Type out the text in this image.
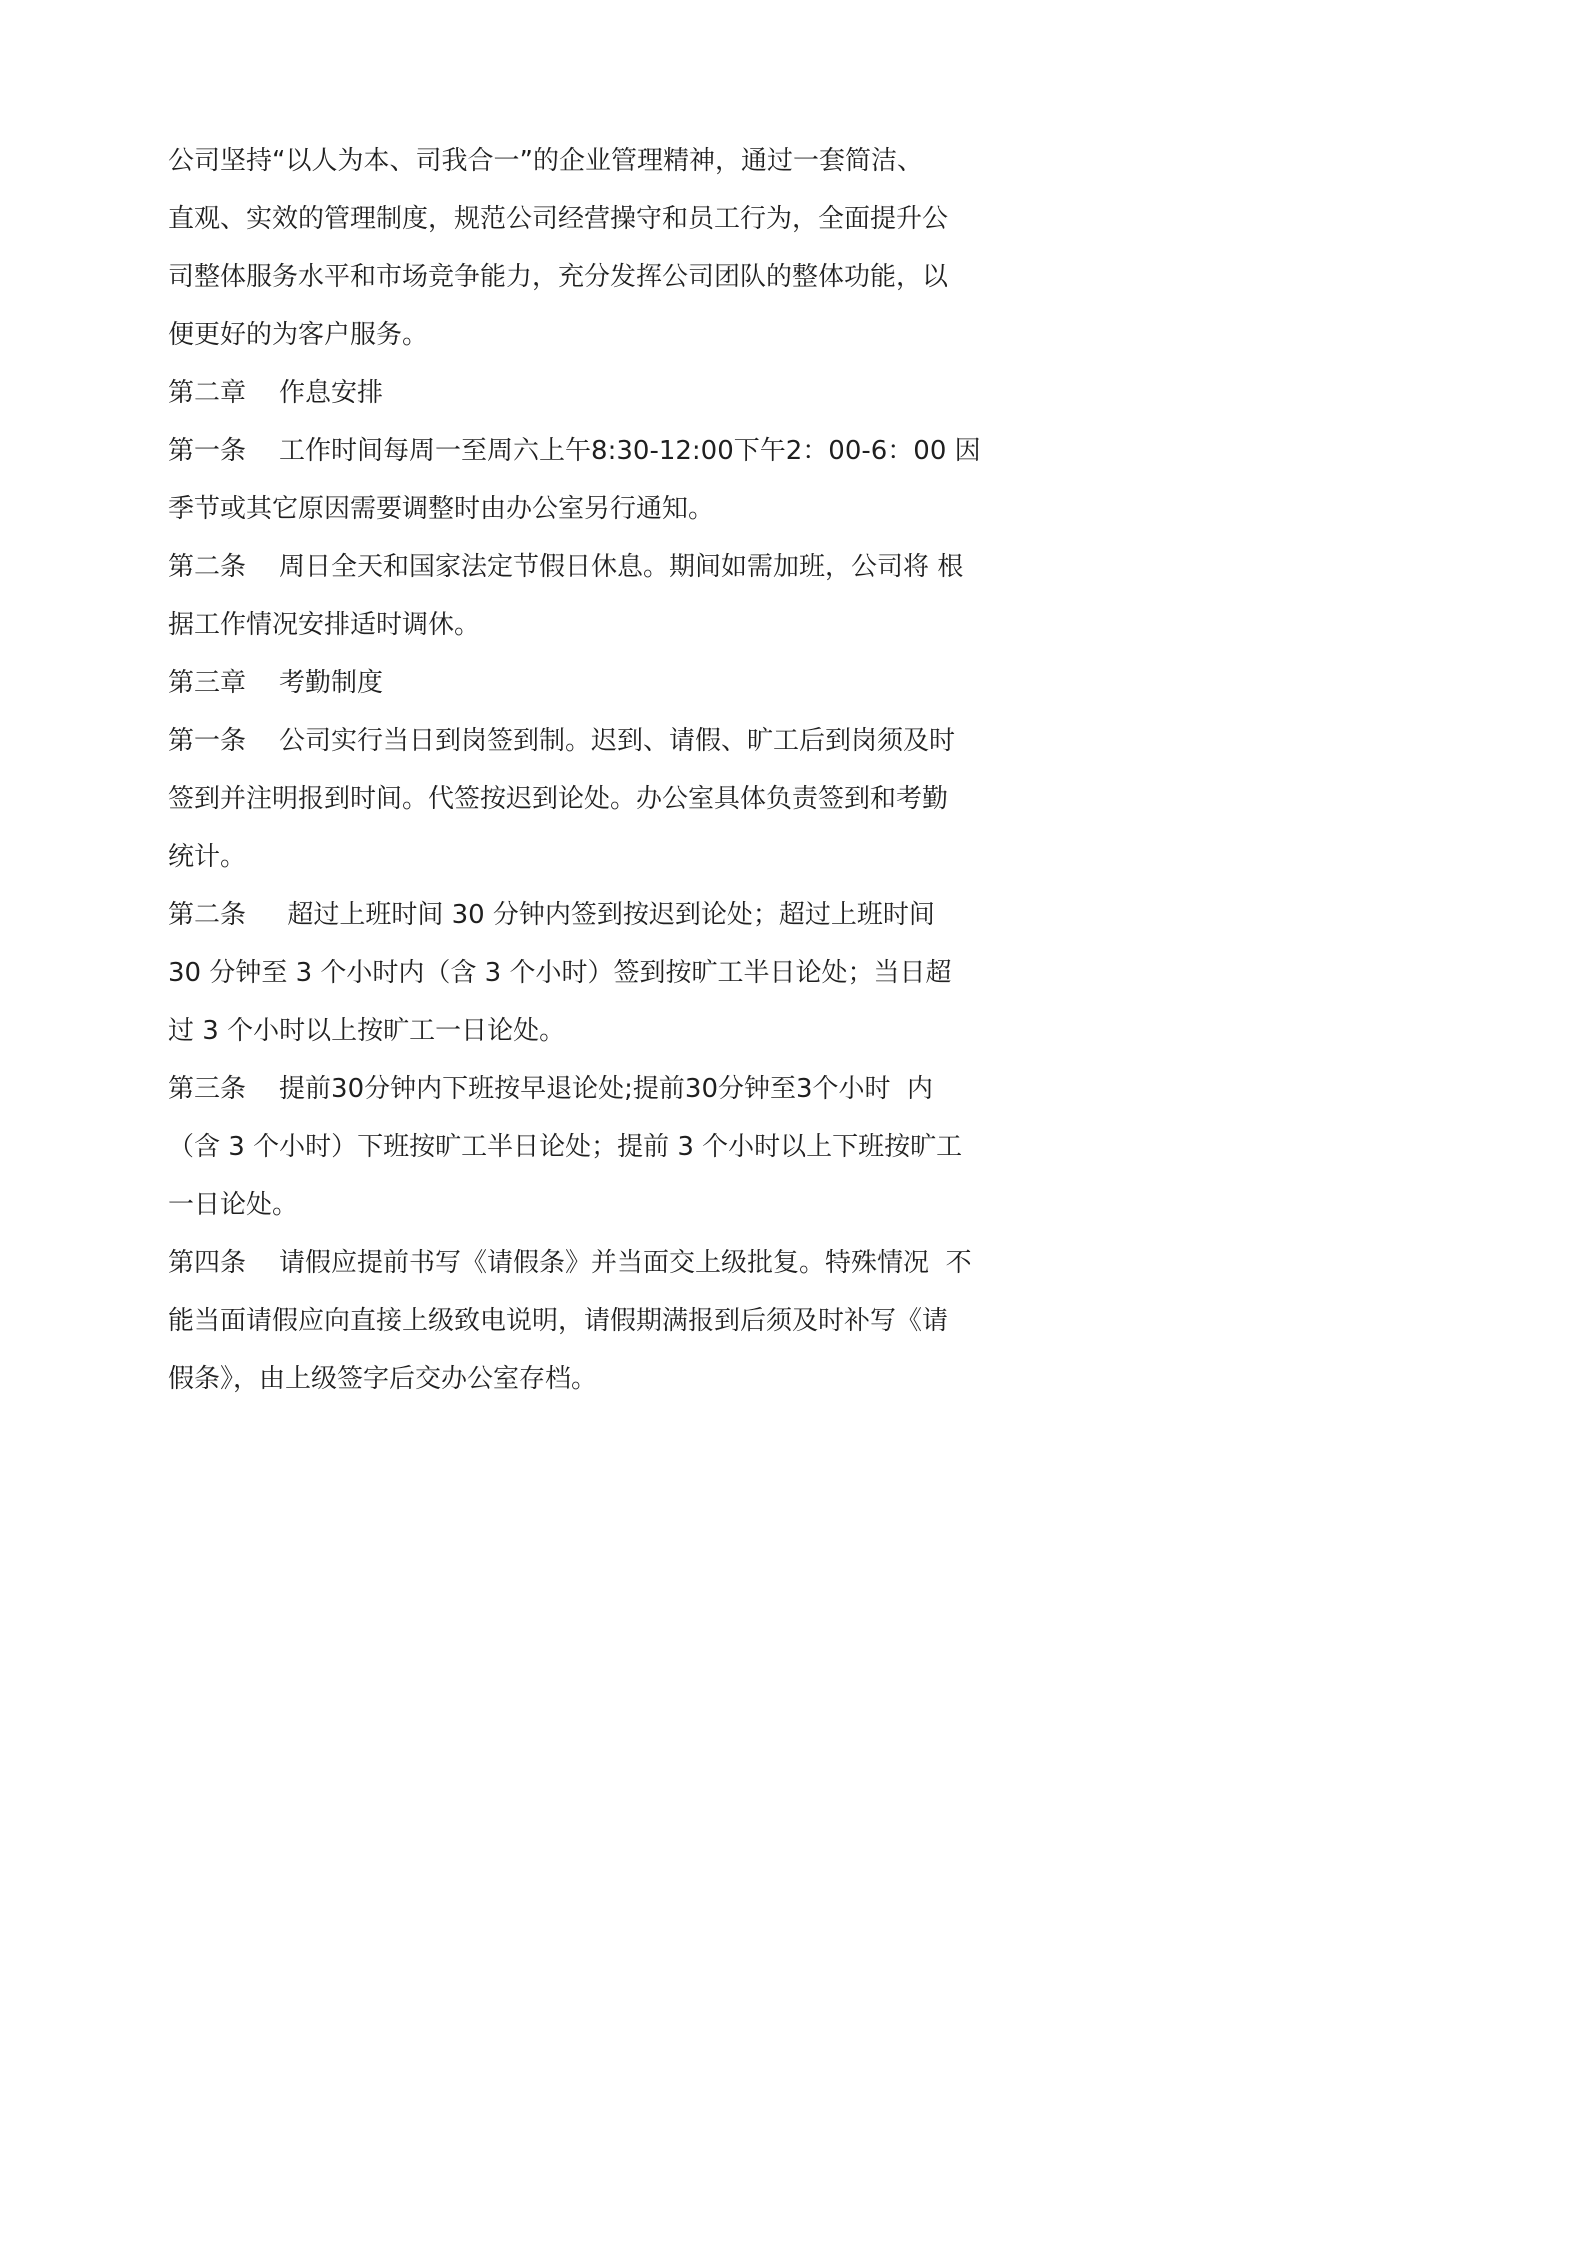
公司坚持“以人为本、司我合一”的企业管理精神，通过一套简洁、
直观、实效的管理制度，规范公司经营操守和员工行为，全面提升公
司整体服务水平和市场竞争能力，充分发挥公司团队的整体功能，以
便更好的为客户服务。
第二章    作息安排
第一条    工作时间每周一至周六上午8:30-12:00下午2：00-6：00 因
季节或其它原因需要调整时由办公室另行通知。
第二条    周日全天和国家法定节假日休息。期间如需加班，公司将 根
据工作情况安排适时调休。
第三章    考勤制度
第一条    公司实行当日到岗签到制。迟到、请假、旷工后到岗须及时
签到并注明报到时间。代签按迟到论处。办公室具体负责签到和考勤
统计。
第二条     超过上班时间 30 分钟内签到按迟到论处；超过上班时间
30 分钟至 3 个小时内（含 3 个小时）签到按旷工半日论处；当日超
过 3 个小时以上按旷工一日论处。
第三条    提前30分钟内下班按早退论处;提前30分钟至3个小时  内
（含 3 个小时）下班按旷工半日论处；提前 3 个小时以上下班按旷工
一日论处。
第四条    请假应提前书写《请假条》并当面交上级批复。特殊情况  不
能当面请假应向直接上级致电说明，请假期满报到后须及时补写《请
假条》，由上级签字后交办公室存档。
